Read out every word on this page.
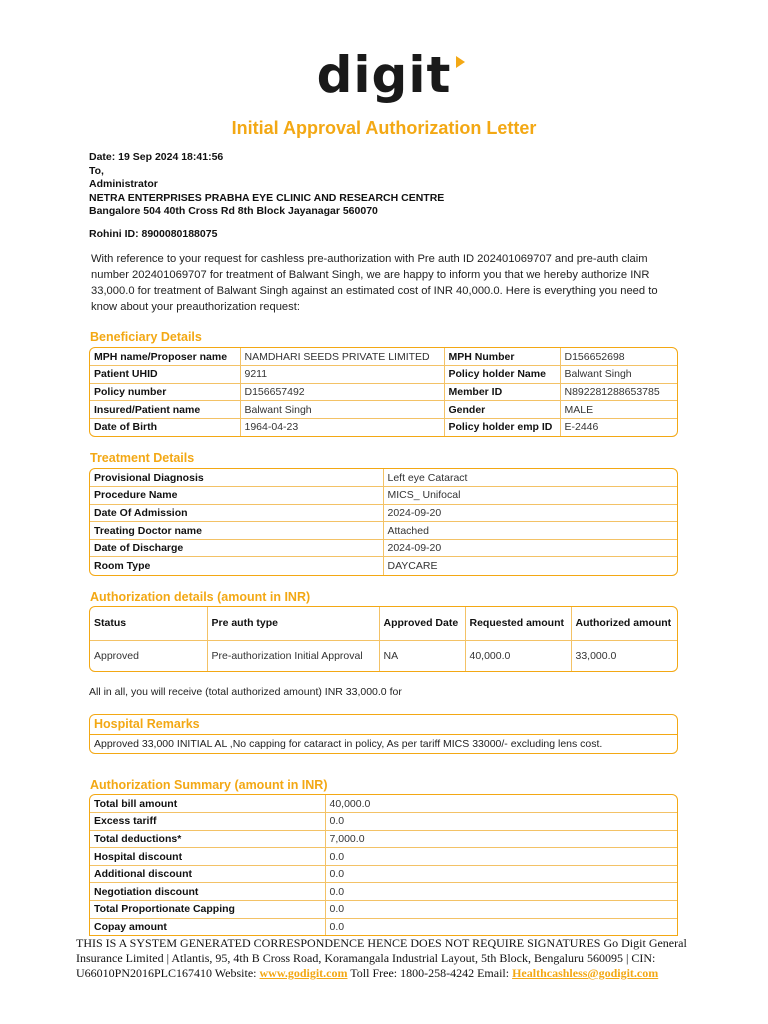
digit
Initial Approval Authorization Letter
Date: 19 Sep 2024 18:41:56
To,
Administrator
NETRA ENTERPRISES PRABHA EYE CLINIC AND RESEARCH CENTRE
Bangalore 504 40th Cross Rd 8th Block Jayanagar 560070
Rohini ID: 8900080188075
With reference to your request for cashless pre-authorization with Pre auth ID 202401069707 and pre-auth claim number 202401069707 for treatment of Balwant Singh, we are happy to inform you that we hereby authorize INR 33,000.0 for treatment of Balwant Singh against an estimated cost of INR 40,000.0. Here is everything you need to know about your preauthorization request:
Beneficiary Details
MPH name/Proposer name	NAMDHARI SEEDS PRIVATE LIMITED	MPH Number	D156652698
Patient UHID	9211	Policy holder Name	Balwant Singh
Policy number	D156657492	Member ID	N892281288653785
Insured/Patient name	Balwant Singh	Gender	MALE
Date of Birth	1964-04-23	Policy holder emp ID	E-2446
Treatment Details
Provisional Diagnosis	Left eye Cataract
Procedure Name	MICS_ Unifocal
Date Of Admission	2024-09-20
Treating Doctor name	Attached
Date of Discharge	2024-09-20
Room Type	DAYCARE
Authorization details (amount in INR)
Status	Pre auth type	Approved Date	Requested amount	Authorized amount
Approved	Pre-authorization Initial Approval	NA	40,000.0	33,000.0
All in all, you will receive (total authorized amount) INR 33,000.0 for
Hospital Remarks
Approved 33,000 INITIAL AL ,No capping for cataract in policy, As per tariff MICS 33000/- excluding lens cost.
Authorization Summary (amount in INR)
Total bill amount	40,000.0
Excess tariff	0.0
Total deductions*	7,000.0
Hospital discount	0.0
Additional discount	0.0
Negotiation discount	0.0
Total Proportionate Capping	0.0
Copay amount	0.0
THIS IS A SYSTEM GENERATED CORRESPONDENCE HENCE DOES NOT REQUIRE SIGNATURES Go Digit General Insurance Limited | Atlantis, 95, 4th B Cross Road, Koramangala Industrial Layout, 5th Block, Bengaluru 560095 | CIN: U66010PN2016PLC167410 Website: www.godigit.com Toll Free: 1800-258-4242 Email: Healthcashless@godigit.com
